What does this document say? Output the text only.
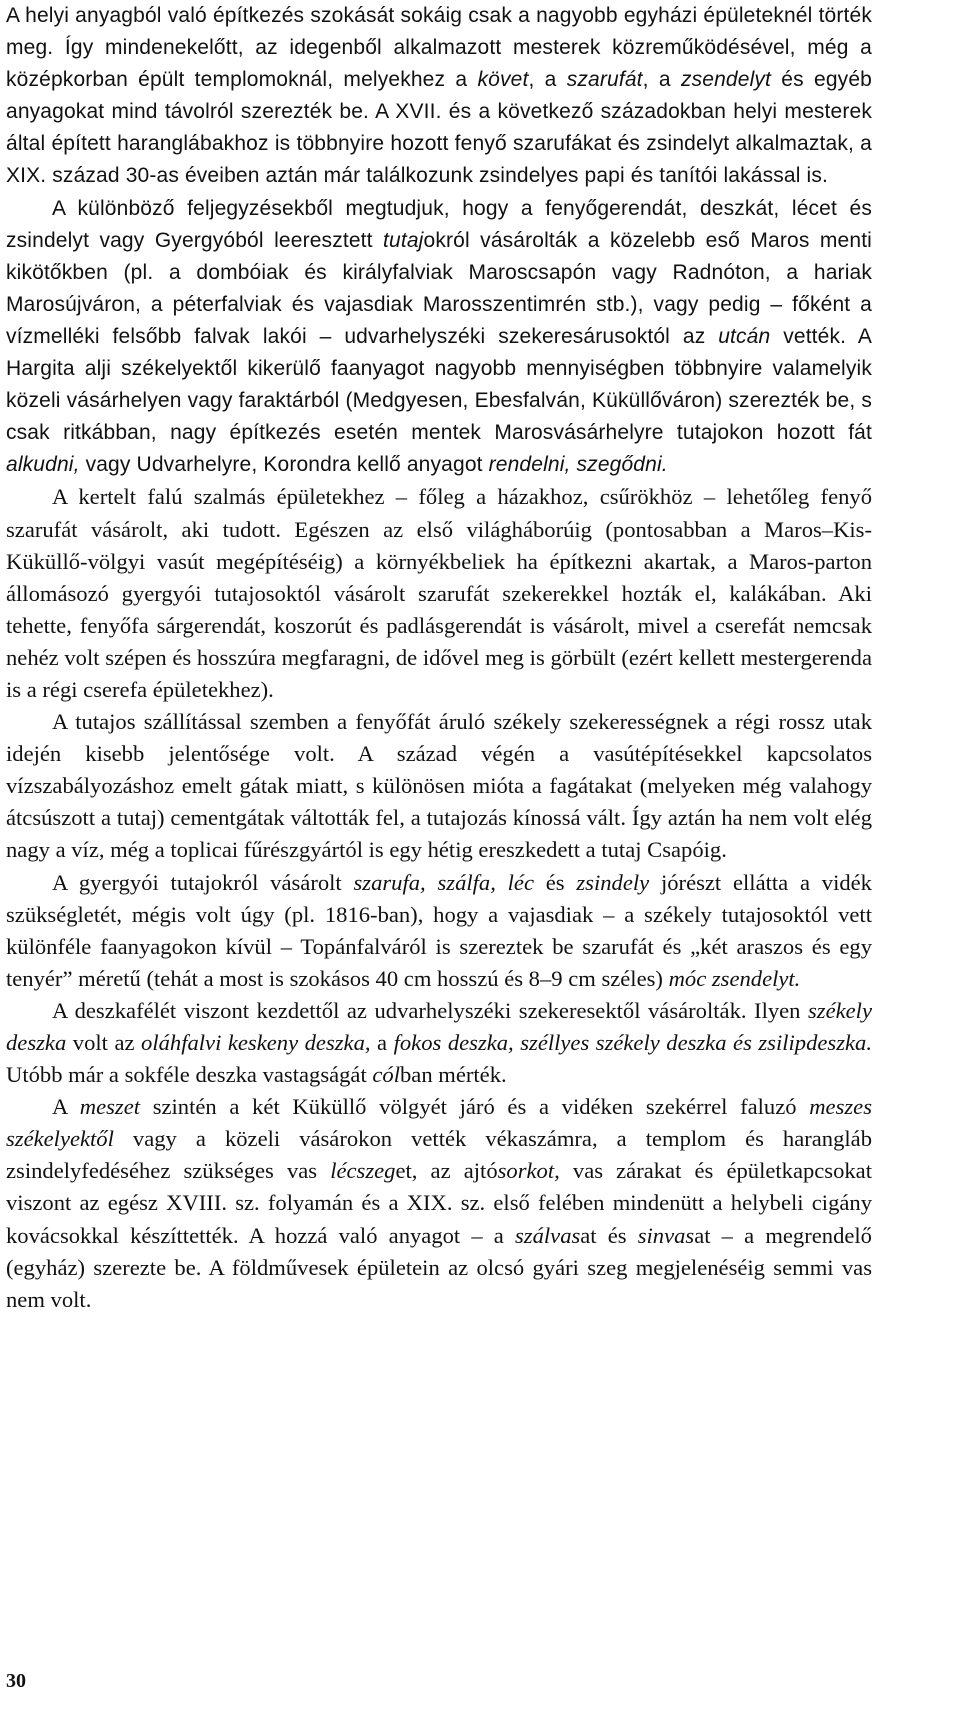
A helyi anyagból való építkezés szokását sokáig csak a nagyobb egyházi épületeknél törték meg. Így mindenekelőtt, az idegenből alkalmazott mesterek közreműködésével, még a középkorban épült templomoknál, melyekhez a követ, a szarufát, a zsendelyt és egyéb anyagokat mind távolról szerezték be. A XVII. és a következő századokban helyi mesterek által épített haranglábakhoz is többnyire hozott fenyő szarufákat és zsindelyt alkalmaztak, a XIX. század 30-as éveiben aztán már találkozunk zsindelyes papi és tanítói lakással is.

A különböző feljegyzésekből megtudjuk, hogy a fenyőgerendát, deszkát, lécet és zsindelyt vagy Gyergyóból leeresztett tutajokról vásárolták a közelebb eső Maros menti kikötőkben (pl. a dombóiak és királyfalviak Maroscsapón vagy Radnóton, a hariak Marosújváron, a péterfalviak és vajasdiak Marosszentimrén stb.), vagy pedig – főként a vízmelléki felsőbb falvak lakói – udvarhelyszéki szekeresárusoktól az utcán vették. A Hargita alji székelyektől kikerülő faanyagot nagyobb mennyiségben többnyire valamelyik közeli vásárhelyen vagy faraktárból (Medgyesen, Ebesfalván, Küküllőváron) szerezték be, s csak ritkábban, nagy építkezés esetén mentek Marosvásárhelyre tutajokon hozott fát alkudni, vagy Udvarhelyre, Korondra kellő anyagot rendelni, szegődni.

A kertelt falú szalmás épületekhez – főleg a házakhoz, csűrökhöz – lehetőleg fenyő szarufát vásárolt, aki tudott. Egészen az első világháborúig (pontosabban a Maros–Kis-Küküllő-völgyi vasút megépítéséig) a környékbeliek ha építkezni akartak, a Maros-parton állomásozó gyergyói tutajosoktól vásárolt szarufát szekerekkel hozták el, kalákában. Aki tehette, fenyőfa sárgerendát, koszorút és padlásgerendát is vásárolt, mivel a cserefát nemcsak nehéz volt szépen és hosszúra megfaragni, de idővel meg is görbült (ezért kellett mestergerenda is a régi cserefa épületekhez).

A tutajos szállítással szemben a fenyőfát áruló székely szekerességnek a régi rossz utak idején kisebb jelentősége volt. A század végén a vasútépítésekkel kapcsolatos vízszabályozáshoz emelt gátak miatt, s különösen mióta a fagátakat (melyeken még valahogy átcsúszott a tutaj) cementgátak váltották fel, a tutajozás kínossá vált. Így aztán ha nem volt elég nagy a víz, még a toplicai fűrészgyártól is egy hétig ereszkedett a tutaj Csapóig.

A gyergyói tutajokról vásárolt szarufa, szálfa, léc és zsindely jórészt ellátta a vidék szükségletét, mégis volt úgy (pl. 1816-ban), hogy a vajasdiak – a székely tutajosoktól vett különféle faanyagokon kívül – Topánfalváról is szereztek be szarufát és „két araszos és egy tenyér” méretű (tehát a most is szokásos 40 cm hosszú és 8–9 cm széles) móc zsendelyt.

A deszkafélét viszont kezdettől az udvarhelyszéki szekeresektől vásárolták. Ilyen székely deszka volt az oláhfalvi keskeny deszka, a fokos deszka, széllyes székely deszka és zsilipdeszka. Utóbb már a sokféle deszka vastagságát cólban mérték.

A meszet szintén a két Küküllő völgyét járó és a vidéken szekérrel faluzó meszes székelyektől vagy a közeli vásárokon vették vékaszámra, a templom és harangláb zsindelyfedéséhez szükséges vas lécszeget, az ajtósorkot, vas zárakat és épületkapcsokat viszont az egész XVIII. sz. folyamán és a XIX. sz. első felében mindenütt a helybeli cigány kovácsokkal készíttették. A hozzá való anyagot – a szálvasat és sinvasat – a megrendelő (egyház) szerezte be. A földművesek épületein az olcsó gyári szeg megjelenéséig semmi vas nem volt.

30
